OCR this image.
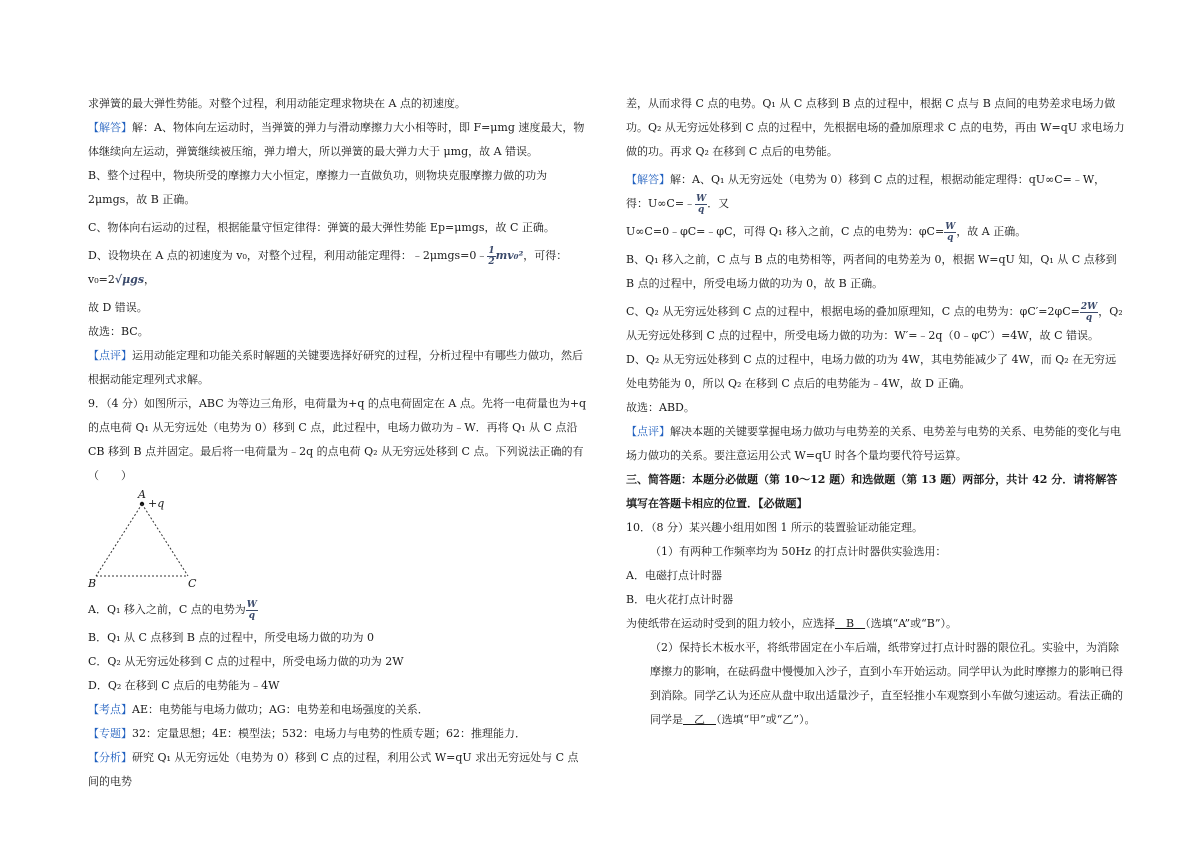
求弹簧的最大弹性势能。对整个过程，利用动能定理求物块在 A 点的初速度。

【解答】解：A、物体向左运动时，当弹簧的弹力与滑动摩擦力大小相等时，即 F=μmg 速度最大，物体继续向左运动，弹簧继续被压缩，弹力增大，所以弹簧的最大弹力大于 μmg，故 A 错误。

B、整个过程中，物块所受的摩擦力大小恒定，摩擦力一直做负功，则物块克服摩擦力做的功为 2μmgs，故 B 正确。

C、物体向右运动的过程，根据能量守恒定律得：弹簧的最大弹性势能 Ep=μmgs，故 C 正确。

D、设物块在 A 点的初速度为 v₀，对整个过程，利用动能定理得：﹣2μmgs=0﹣ $\frac{1}{2} mv_0^2$，可得：v₀=2√μgs，

故 D 错误。

故选：BC。

【点评】运用动能定理和功能关系时解题的关键要选择好研究的过程，分析过程中有哪些力做功，然后根据动能定理列式求解。

9．（4 分）如图所示，ABC 为等边三角形，电荷量为+q 的点电荷固定在 A 点。先将一电荷量也为+q 的点电荷 Q₁ 从无穷远处（电势为 0）移到 C 点，此过程中，电场力做功为﹣W．再将 Q₁ 从 C 点沿 CB 移到 B 点并固定。最后将一电荷量为﹣2q 的点电荷 Q₂ 从无穷远处移到 C 点。下列说法正确的有（　　）

A
+q
B	C

A．Q₁ 移入之前，C 点的电势为 $\frac{W}{q}$

B．Q₁ 从 C 点移到 B 点的过程中，所受电场力做的功为 0

C．Q₂ 从无穷远处移到 C 点的过程中，所受电场力做的功为 2W

D．Q₂ 在移到 C 点后的电势能为﹣4W

【考点】AE：电势能与电场力做功；AG：电势差和电场强度的关系．

【专题】32：定量思想；4E：模型法；532：电场力与电势的性质专题；62：推理能力．

【分析】研究 Q₁ 从无穷远处（电势为 0）移到 C 点的过程，利用公式 W=qU 求出无穷远处与 C 点间的电势

差，从而求得 C 点的电势。Q₁ 从 C 点移到 B 点的过程中，根据 C 点与 B 点间的电势差求电场力做功。Q₂ 从无穷远处移到 C 点的过程中，先根据电场的叠加原理求 C 点的电势，再由 W=qU 求电场力做的功。再求 Q₂ 在移到 C 点后的电势能。

【解答】解：A、Q₁ 从无穷远处（电势为 0）移到 C 点的过程，根据动能定理得：qU∞C=﹣W，得：U∞C=﹣ $\frac{W}{q}$ ．又

U∞C=0﹣φC=﹣φC，可得 Q₁ 移入之前，C 点的电势为：$\varphi C= \frac{W}{q}$ ，故 A 正确。

B、Q₁ 移入之前，C 点与 B 点的电势相等，两者间的电势差为 0，根据 W=qU 知，Q₁ 从 C 点移到 B 点的过程中，所受电场力做的功为 0，故 B 正确。

C、Q₂ 从无穷远处移到 C 点的过程中，根据电场的叠加原理知，C 点的电势为：$\varphi C'=2\varphi C= \frac{2W}{q}$ ，Q₂ 从无穷远处移到 C 点的过程中，所受电场力做的功为：W′=﹣2q（0﹣φC′）=4W，故 C 错误。

D、Q₂ 从无穷远处移到 C 点的过程中，电场力做的功为 4W，其电势能减少了 4W，而 Q₂ 在无穷远处电势能为 0，所以 Q₂ 在移到 C 点后的电势能为﹣4W，故 D 正确。

故选：ABD。

【点评】解决本题的关键要掌握电场力做功与电势差的关系、电势差与电势的关系、电势能的变化与电场力做功的关系。要注意运用公式 W=qU 时各个量均要代符号运算。

三、简答题：本题分必做题（第 10～12 题）和选做题（第 13 题）两部分，共计 42 分．请将解答填写在答题卡相应的位置．【必做题】

10．（8 分）某兴趣小组用如图 1 所示的装置验证动能定理。

（1）有两种工作频率均为 50Hz 的打点计时器供实验选用：

A．电磁打点计时器

B．电火花打点计时器

为使纸带在运动时受到的阻力较小，应选择　B　（选填“A”或“B”）。

（2）保持长木板水平，将纸带固定在小车后端，纸带穿过打点计时器的限位孔。实验中，为消除摩擦力的影响，在砝码盘中慢慢加入沙子，直到小车开始运动。同学甲认为此时摩擦力的影响已得到消除。同学乙认为还应从盘中取出适量沙子，直至轻推小车观察到小车做匀速运动。看法正确的同学是　乙　（选填“甲”或“乙”）。
